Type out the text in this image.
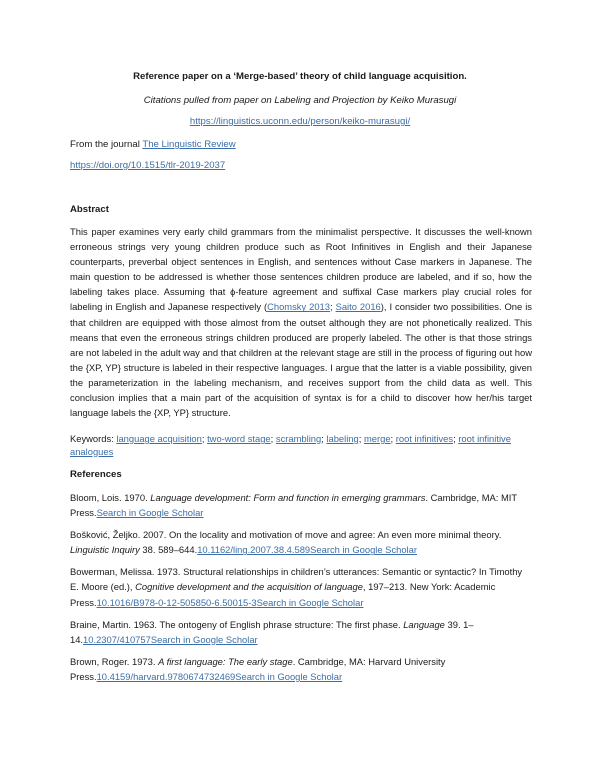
Reference paper on a ‘Merge-based’ theory of child language acquisition.
Citations pulled from paper on Labeling and Projection by Keiko Murasugi
https://linguistics.uconn.edu/person/keiko-murasugi/
From the journal The Linguistic Review
https://doi.org/10.1515/tlr-2019-2037
Abstract
This paper examines very early child grammars from the minimalist perspective. It discusses the well-known erroneous strings very young children produce such as Root Infinitives in English and their Japanese counterparts, preverbal object sentences in English, and sentences without Case markers in Japanese. The main question to be addressed is whether those sentences children produce are labeled, and if so, how the labeling takes place. Assuming that ϕ-feature agreement and suffixal Case markers play crucial roles for labeling in English and Japanese respectively (Chomsky 2013; Saito 2016), I consider two possibilities. One is that children are equipped with those almost from the outset although they are not phonetically realized. This means that even the erroneous strings children produced are properly labeled. The other is that those strings are not labeled in the adult way and that children at the relevant stage are still in the process of figuring out how the {XP, YP} structure is labeled in their respective languages. I argue that the latter is a viable possibility, given the parameterization in the labeling mechanism, and receives support from the child data as well. This conclusion implies that a main part of the acquisition of syntax is for a child to discover how her/his target language labels the {XP, YP} structure.
Keywords: language acquisition; two-word stage; scrambling; labeling; merge; root infinitives; root infinitive analogues
References

Bloom, Lois. 1970. Language development: Form and function in emerging grammars. Cambridge, MA: MIT Press.Search in Google Scholar

Bošković, Željko. 2007. On the locality and motivation of move and agree: An even more minimal theory. Linguistic Inquiry 38. 589–644.10.1162/ling.2007.38.4.589Search in Google Scholar

Bowerman, Melissa. 1973. Structural relationships in children’s utterances: Semantic or syntactic? In Timothy E. Moore (ed.), Cognitive development and the acquisition of language, 197–213. New York: Academic Press.10.1016/B978-0-12-505850-6.50015-3Search in Google Scholar

Braine, Martin. 1963. The ontogeny of English phrase structure: The first phase. Language 39. 1–14.10.2307/410757Search in Google Scholar

Brown, Roger. 1973. A first language: The early stage. Cambridge, MA: Harvard University Press.10.4159/harvard.9780674732469Search in Google Scholar
